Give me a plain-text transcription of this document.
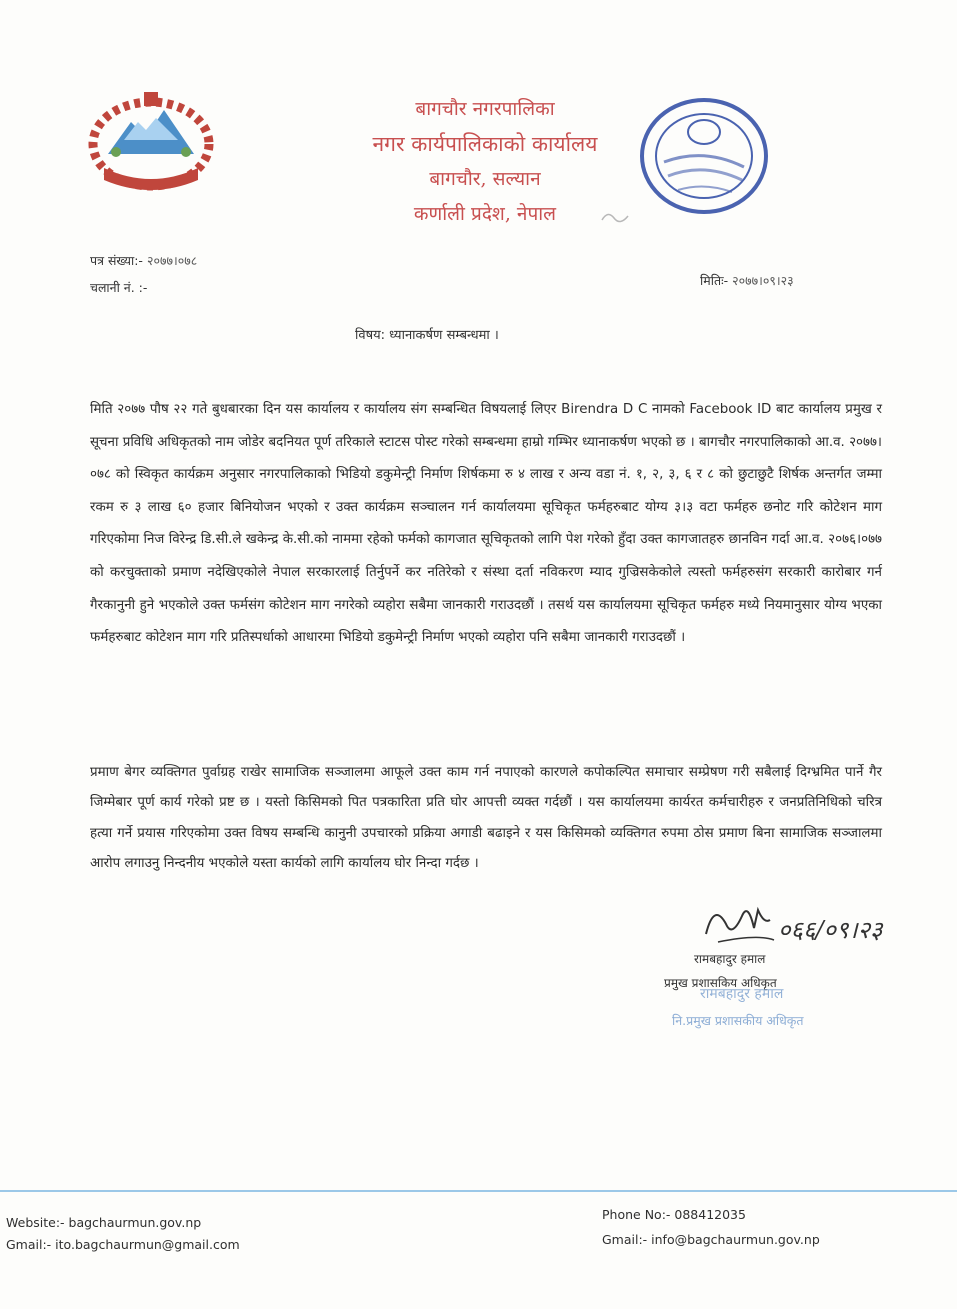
बागचौर नगरपालिका
नगर कार्यपालिकाको कार्यालय
बागचौर, सल्यान
कर्णाली प्रदेश, नेपाल
पत्र संख्या:- २०७७।०७८
चलानी नं. :-	मितिः- २०७७।०९।२३
विषय: ध्यानाकर्षण सम्बन्धमा ।
मिति २०७७ पौष २२ गते बुधबारका दिन यस कार्यालय र कार्यालय संग सम्बन्धित विषयलाई लिएर Birendra D C नामको Facebook ID बाट कार्यालय प्रमुख र सूचना प्रविधि अधिकृतको नाम जोडेर बदनियत पूर्ण तरिकाले स्टाटस पोस्ट गरेको सम्बन्धमा हाम्रो गम्भिर ध्यानाकर्षण भएको छ । बागचौर नगरपालिकाको आ.व. २०७७।०७८ को स्विकृत कार्यक्रम अनुसार नगरपालिकाको भिडियो डकुमेन्ट्री निर्माण शिर्षकमा रु ४ लाख र अन्य वडा नं. १, २, ३, ६ र ८ को छुटाछुटै शिर्षक अन्तर्गत जम्मा रकम रु ३ लाख ६० हजार बिनियोजन भएको र उक्त कार्यक्रम सञ्चालन गर्न कार्यालयमा सूचिकृत फर्महरुबाट योग्य ३।३ वटा फर्महरु छनोट गरि कोटेशन माग गरिएकोमा निज विरेन्द्र डि.सी.ले खकेन्द्र के.सी.को नाममा रहेको फर्मको कागजात सूचिकृतको लागि पेश गरेको हुँदा उक्त कागजातहरु छानविन गर्दा आ.व. २०७६।०७७ को करचुक्ताको प्रमाण नदेखिएकोले नेपाल सरकारलाई तिर्नुपर्ने कर नतिरेको र संस्था दर्ता नविकरण म्याद गुज्रिसकेकोले त्यस्तो फर्महरुसंग सरकारी कारोबार गर्न गैरकानुनी हुने भएकोले उक्त फर्मसंग कोटेशन माग नगरेको व्यहोरा सबैमा जानकारी गराउदछौं । तसर्थ यस कार्यालयमा सूचिकृत फर्महरु मध्ये नियमानुसार योग्य भएका फर्महरुबाट कोटेशन माग गरि प्रतिस्पर्धाको आधारमा भिडियो डकुमेन्ट्री निर्माण भएको व्यहोरा पनि सबैमा जानकारी गराउदछौं ।
प्रमाण बेगर व्यक्तिगत पुर्वाग्रह राखेर सामाजिक सञ्जालमा आफूले उक्त काम गर्न नपाएको कारणले कपोकल्पित समाचार सम्प्रेषण गरी सबैलाई दिग्भ्रमित पार्ने गैर जिम्मेबार पूर्ण कार्य गरेको प्रष्ट छ । यस्तो किसिमको पित पत्रकारिता प्रति घोर आपत्ती व्यक्त गर्दछौं । यस कार्यालयमा कार्यरत कर्मचारीहरु र जनप्रतिनिधिको चरित्र हत्या गर्ने प्रयास गरिएकोमा उक्त विषय सम्बन्धि कानुनी उपचारको प्रक्रिया अगाडी बढाइने र यस किसिमको व्यक्तिगत रुपमा ठोस प्रमाण बिना सामाजिक सञ्जालमा आरोप लगाउनु निन्दनीय भएकोले यस्ता कार्यको लागि कार्यालय घोर निन्दा गर्दछ ।
०६६/०९।२३
रामबहादुर हमाल
प्रमुख प्रशासकिय अधिकृत
रामबहादुर हमाल
नि.प्रमुख प्रशासकीय अधिकृत
Website:- bagchaurmun.gov.np
Gmail:- ito.bagchaurmun@gmail.com
Phone No:- 088412035
Gmail:- info@bagchaurmun.gov.np
